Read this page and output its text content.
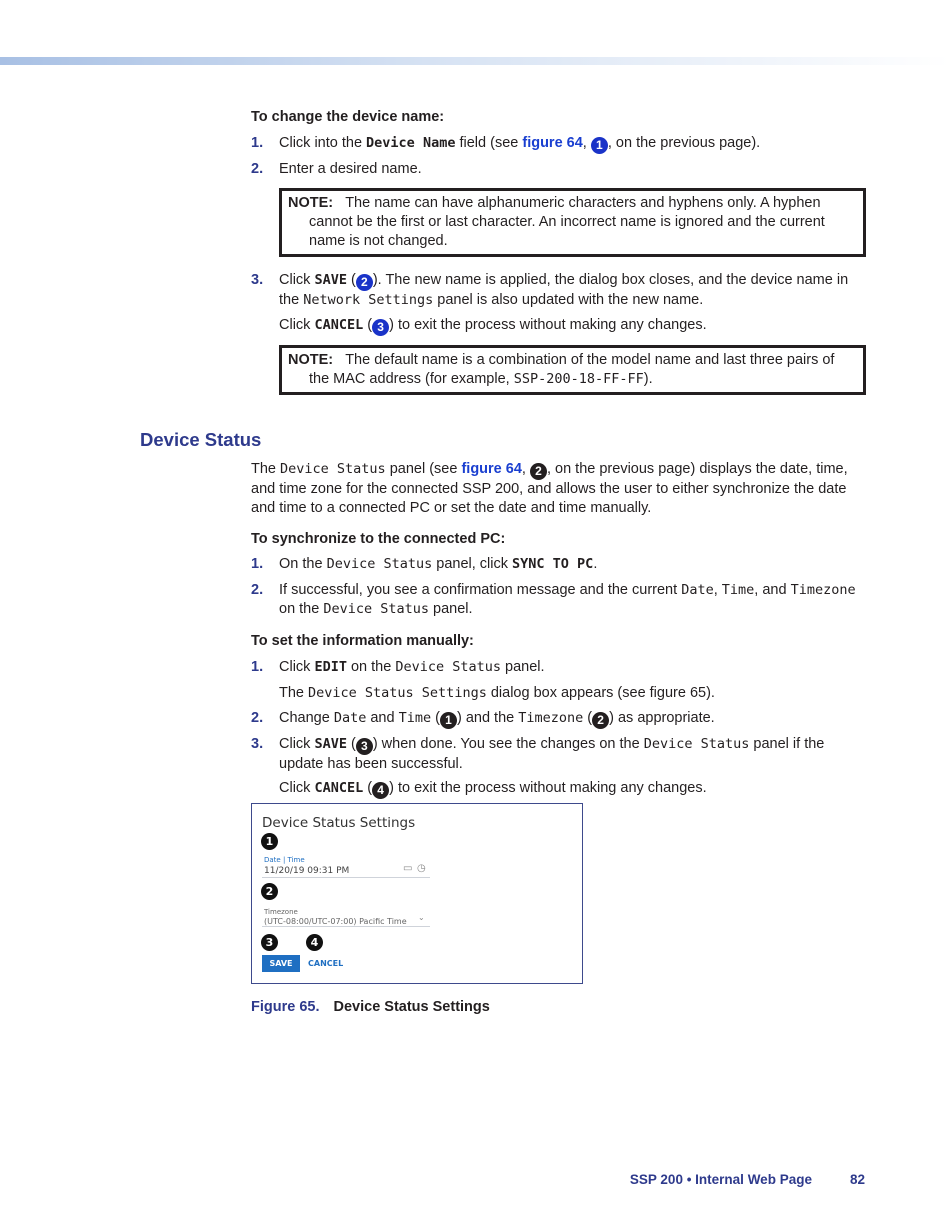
To change the device name:
1. Click into the Device Name field (see figure 64, 1 , on the previous page).
2. Enter a desired name.
NOTE: The name can have alphanumeric characters and hyphens only. A hyphen cannot be the first or last character. An incorrect name is ignored and the current name is not changed.
3. Click SAVE ( 2 ). The new name is applied, the dialog box closes, and the device name in the Network Settings panel is also updated with the new name.
Click CANCEL ( 3 ) to exit the process without making any changes.
NOTE: The default name is a combination of the model name and last three pairs of the MAC address (for example, SSP-200-18-FF-FF).
Device Status
The Device Status panel (see figure 64, 2 , on the previous page) displays the date, time, and time zone for the connected SSP 200, and allows the user to either synchronize the date and time to a connected PC or set the date and time manually.
To synchronize to the connected PC:
1. On the Device Status panel, click SYNC TO PC.
2. If successful, you see a confirmation message and the current Date, Time, and Timezone on the Device Status panel.
To set the information manually:
1. Click EDIT on the Device Status panel.
The Device Status Settings dialog box appears (see figure 65).
2. Change Date and Time ( 1 ) and the Timezone ( 2 ) as appropriate.
3. Click SAVE ( 3 ) when done. You see the changes on the Device Status panel if the update has been successful.
Click CANCEL ( 4 ) to exit the process without making any changes.
Device Status Settings
1
Date | Time
11/20/19 09:31 PM	▭ ◷
2
Timezone
(UTC-08:00/UTC-07:00) Pacific Time ⌄
3	4
SAVE	CANCEL
Figure 65. Device Status Settings
SSP 200 • Internal Web Page	82
